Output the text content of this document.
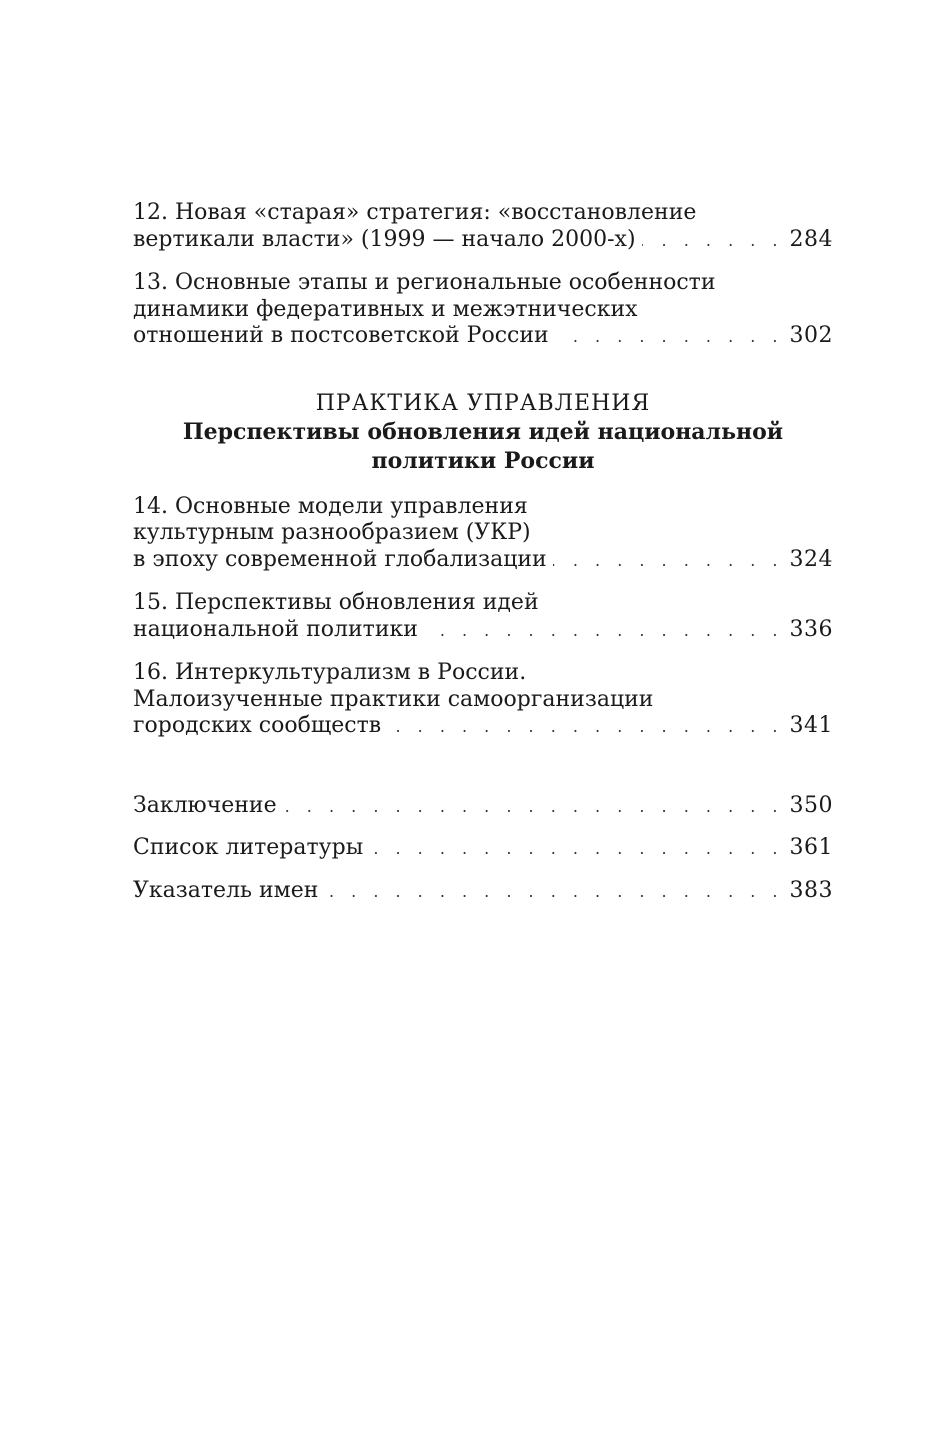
12. Новая «старая» стратегия: «восстановление
вертикали власти» (1999 — начало 2000-х) . . .	284
13. Основные этапы и региональные особенности
динамики федеративных и межэтнических
отношений в постсоветской России . . .	302
ПРАКТИКА УПРАВЛЕНИЯ
Перспективы обновления идей национальной
политики России
14. Основные модели управления
культурным разнообразием (УКР)
в эпоху современной глобализации . . .	324
15. Перспективы обновления идей
национальной политики . . .	336
16. Интеркультурализм в России.
Малоизученные практики самоорганизации
городских сообществ . . .	341
Заключение . . .	350
Список литературы . . .	361
Указатель имен . . .	383
